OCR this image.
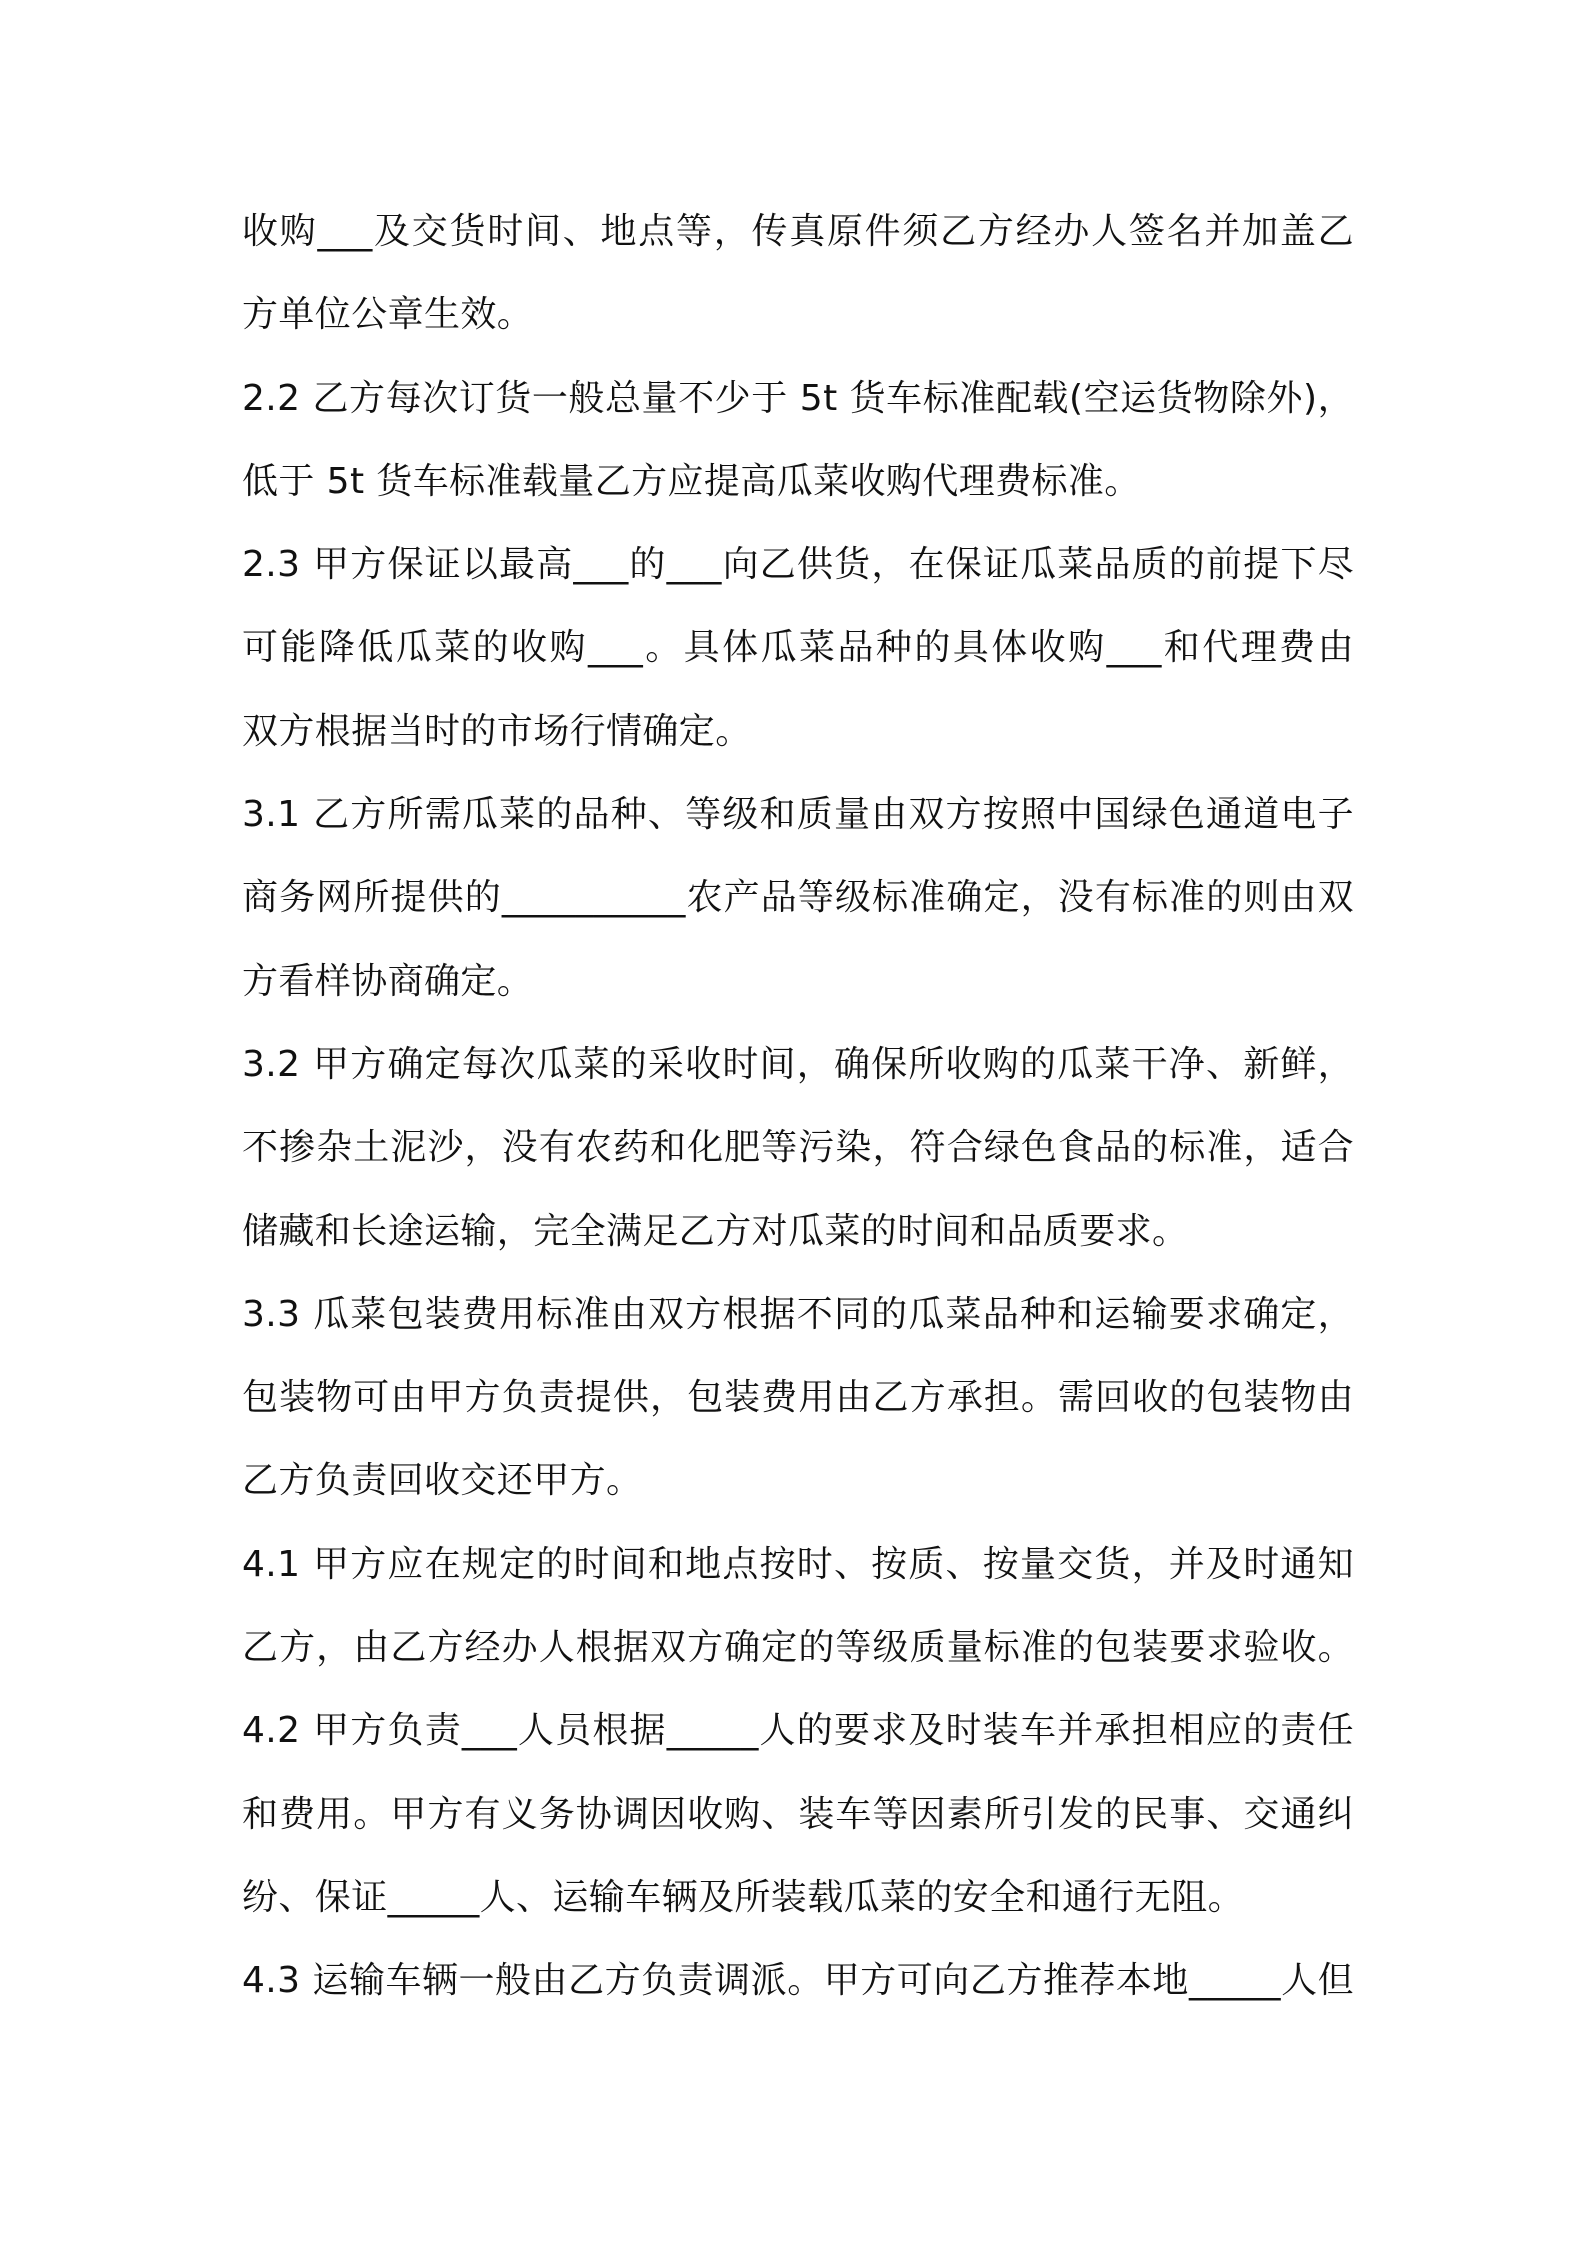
收购___及交货时间、地点等，传真原件须乙方经办人签名并加盖乙
方单位公章生效。
2.2 乙方每次订货一般总量不少于 5t 货车标准配载(空运货物除外)，
低于 5t 货车标准载量乙方应提高瓜菜收购代理费标准。
2.3 甲方保证以最高___的___向乙供货，在保证瓜菜品质的前提下尽
可能降低瓜菜的收购___。具体瓜菜品种的具体收购___和代理费由
双方根据当时的市场行情确定。
3.1 乙方所需瓜菜的品种、等级和质量由双方按照中国绿色通道电子
商务网所提供的__________农产品等级标准确定，没有标准的则由双
方看样协商确定。
3.2 甲方确定每次瓜菜的采收时间，确保所收购的瓜菜干净、新鲜，
不掺杂土泥沙，没有农药和化肥等污染，符合绿色食品的标准，适合
储藏和长途运输，完全满足乙方对瓜菜的时间和品质要求。
3.3 瓜菜包装费用标准由双方根据不同的瓜菜品种和运输要求确定，
包装物可由甲方负责提供，包装费用由乙方承担。需回收的包装物由
乙方负责回收交还甲方。
4.1 甲方应在规定的时间和地点按时、按质、按量交货，并及时通知
乙方，由乙方经办人根据双方确定的等级质量标准的包装要求验收。
4.2 甲方负责___人员根据_____人的要求及时装车并承担相应的责任
和费用。甲方有义务协调因收购、装车等因素所引发的民事、交通纠
纷、保证_____人、运输车辆及所装载瓜菜的安全和通行无阻。
4.3 运输车辆一般由乙方负责调派。甲方可向乙方推荐本地_____人但
